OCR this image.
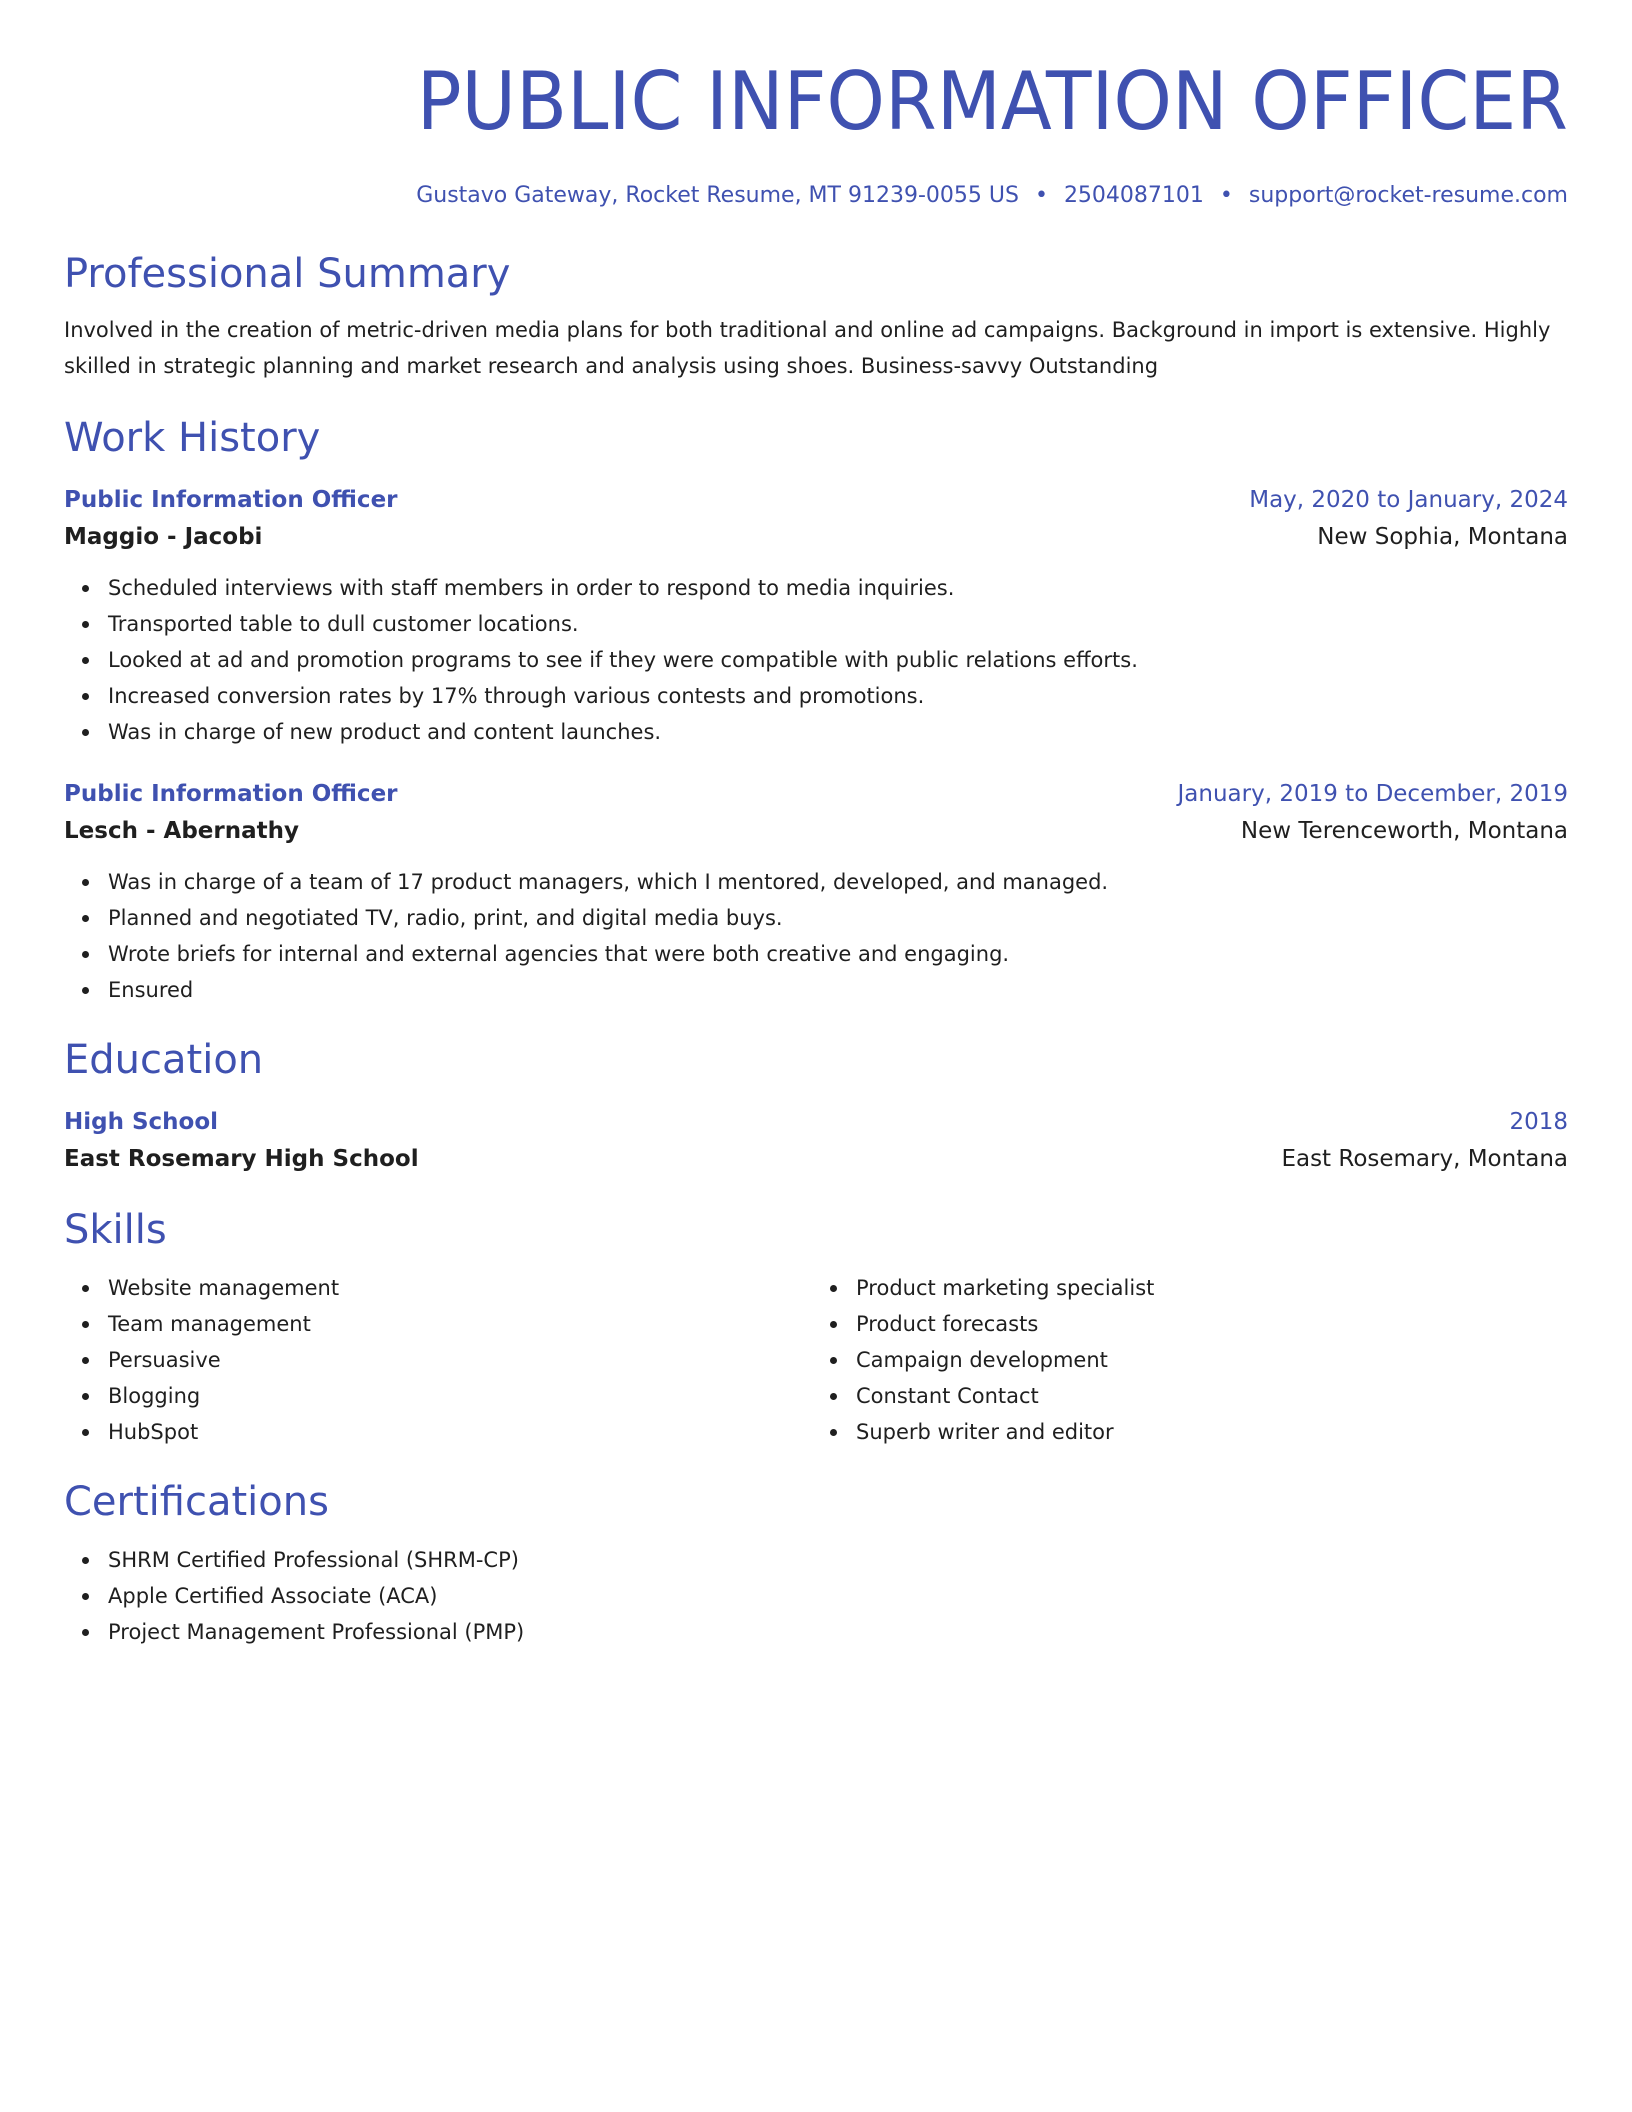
PUBLIC INFORMATION OFFICER
Gustavo Gateway, Rocket Resume, MT 91239-0055 US • 2504087101 • support@rocket-resume.com
Professional Summary
Involved in the creation of metric-driven media plans for both traditional and online ad campaigns. Background in import is extensive. Highly skilled in strategic planning and market research and analysis using shoes. Business-savvy Outstanding
Work History
Public Information Officer	May, 2020 to January, 2024
Maggio - Jacobi	New Sophia, Montana
Scheduled interviews with staff members in order to respond to media inquiries.
Transported table to dull customer locations.
Looked at ad and promotion programs to see if they were compatible with public relations efforts.
Increased conversion rates by 17% through various contests and promotions.
Was in charge of new product and content launches.
Public Information Officer	January, 2019 to December, 2019
Lesch - Abernathy	New Terenceworth, Montana
Was in charge of a team of 17 product managers, which I mentored, developed, and managed.
Planned and negotiated TV, radio, print, and digital media buys.
Wrote briefs for internal and external agencies that were both creative and engaging.
Ensured
Education
High School	2018
East Rosemary High School	East Rosemary, Montana
Skills
Website management
Team management
Persuasive
Blogging
HubSpot
Product marketing specialist
Product forecasts
Campaign development
Constant Contact
Superb writer and editor
Certifications
SHRM Certified Professional (SHRM-CP)
Apple Certified Associate (ACA)
Project Management Professional (PMP)
